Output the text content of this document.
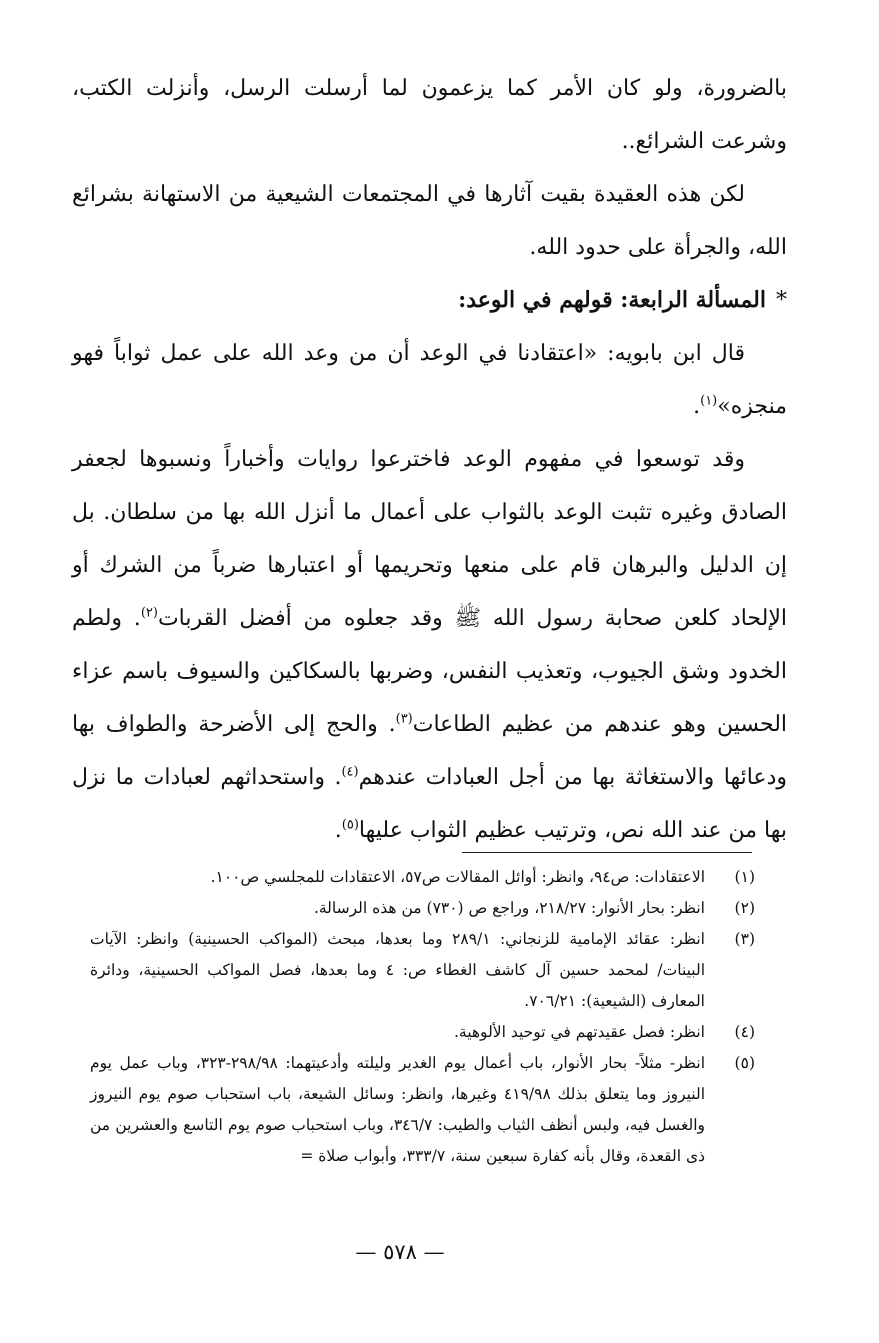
بالضرورة، ولو كان الأمر كما يزعمون لما أرسلت الرسل، وأنزلت الكتب، وشرعت الشرائع..

لكن هذه العقيدة بقيت آثارها في المجتمعات الشيعية من الاستهانة بشرائع الله، والجرأة على حدود الله.

*المسألة الرابعة: قولهم في الوعد:

قال ابن بابويه: «اعتقادنا في الوعد أن من وعد الله على عمل ثواباً فهو منجزه»$^{(١)}$.

وقد توسعوا في مفهوم الوعد فاخترعوا روايات وأخباراً ونسبوها لجعفر الصادق وغيره تثبت الوعد بالثواب على أعمال ما أنزل الله بها من سلطان. بل إن الدليل والبرهان قام على منعها وتحريمها أو اعتبارها ضرباً من الشرك أو الإلحاد كلعن صحابة رسول الله ﷺ وقد جعلوه من أفضل القربات$^{(٢)}$. ولطم الخدود وشق الجيوب، وتعذيب النفس، وضربها بالسكاكين والسيوف باسم عزاء الحسين وهو عندهم من عظيم الطاعات$^{(٣)}$. والحج إلى الأضرحة والطواف بها ودعائها والاستغاثة بها من أجل العبادات عندهم$^{(٤)}$. واستحداثهم لعبادات ما نزل بها من عند الله نص، وترتيب عظيم الثواب عليها$^{(٥)}$.

(١)
الاعتقادات: ص٩٤، وانظر: أوائل المقالات ص٥٧، الاعتقادات للمجلسي ص١٠٠.
(٢)
انظر: بحار الأنوار: ٢١٨/٢٧، وراجع ص (٧٣٠) من هذه الرسالة.
(٣)
انظر: عقائد الإمامية للزنجاني: ٢٨٩/١ وما بعدها، مبحث (المواكب الحسينية) وانظر: الآيات البينات/ لمحمد حسين آل كاشف الغطاء ص: ٤ وما بعدها، فصل المواكب الحسينية، ودائرة المعارف (الشيعية): ٧٠٦/٢١.
(٤)
انظر: فصل عقيدتهم في توحيد الألوهية.
(٥)
انظر- مثلاً- بحار الأنوار، باب أعمال يوم الغدير وليلته وأدعيتهما: ٢٩٨/٩٨-٣٢٣، وباب عمل يوم النيروز وما يتعلق بذلك ٤١٩/٩٨ وغيرها، وانظر: وسائل الشيعة، باب استحباب صوم يوم النيروز والغسل فيه، ولبس أنظف الثياب والطيب: ٣٤٦/٧، وباب استحباب صوم يوم التاسع والعشرين من ذى القعدة، وقال بأنه كفارة سبعين سنة، ٣٣٣/٧، وأبواب صلاة =
— ٥٧٨ —
